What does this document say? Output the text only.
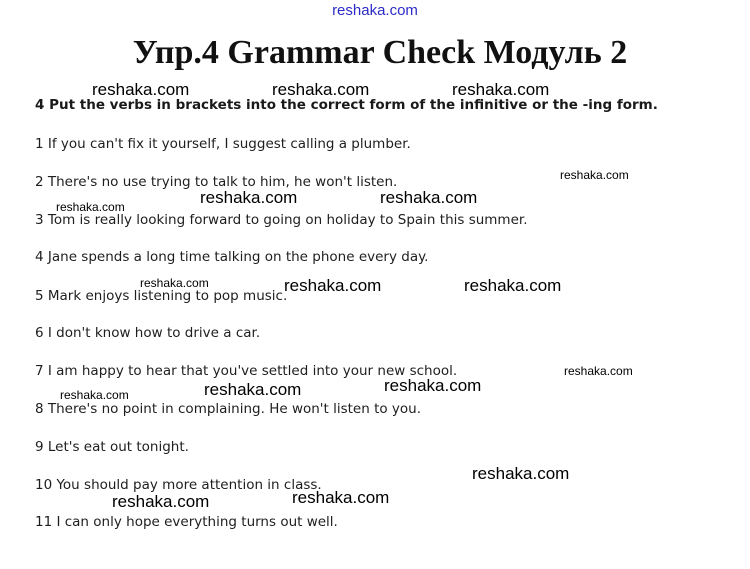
reshaka.com
Упр.4 Grammar Check Модуль 2
4 Put the verbs in brackets into the correct form of the infinitive or the -ing form.
1 If you can't fix it yourself, I suggest calling a plumber.
2 There's no use trying to talk to him, he won't listen.
3 Tom is really looking forward to going on holiday to Spain this summer.
4 Jane spends a long time talking on the phone every day.
5 Mark enjoys listening to pop music.
6 I don't know how to drive a car.
7 I am happy to hear that you've settled into your new school.
8 There's no point in complaining. He won't listen to you.
9 Let's eat out tonight.
10 You should pay more attention in class.
11 I can only hope everything turns out well.
reshaka.com	reshaka.com	reshaka.com
reshaka.com
reshaka.com	reshaka.com	reshaka.com
reshaka.com	reshaka.com	reshaka.com
reshaka.com
reshaka.com	reshaka.com	reshaka.com
reshaka.com
reshaka.com	reshaka.com
